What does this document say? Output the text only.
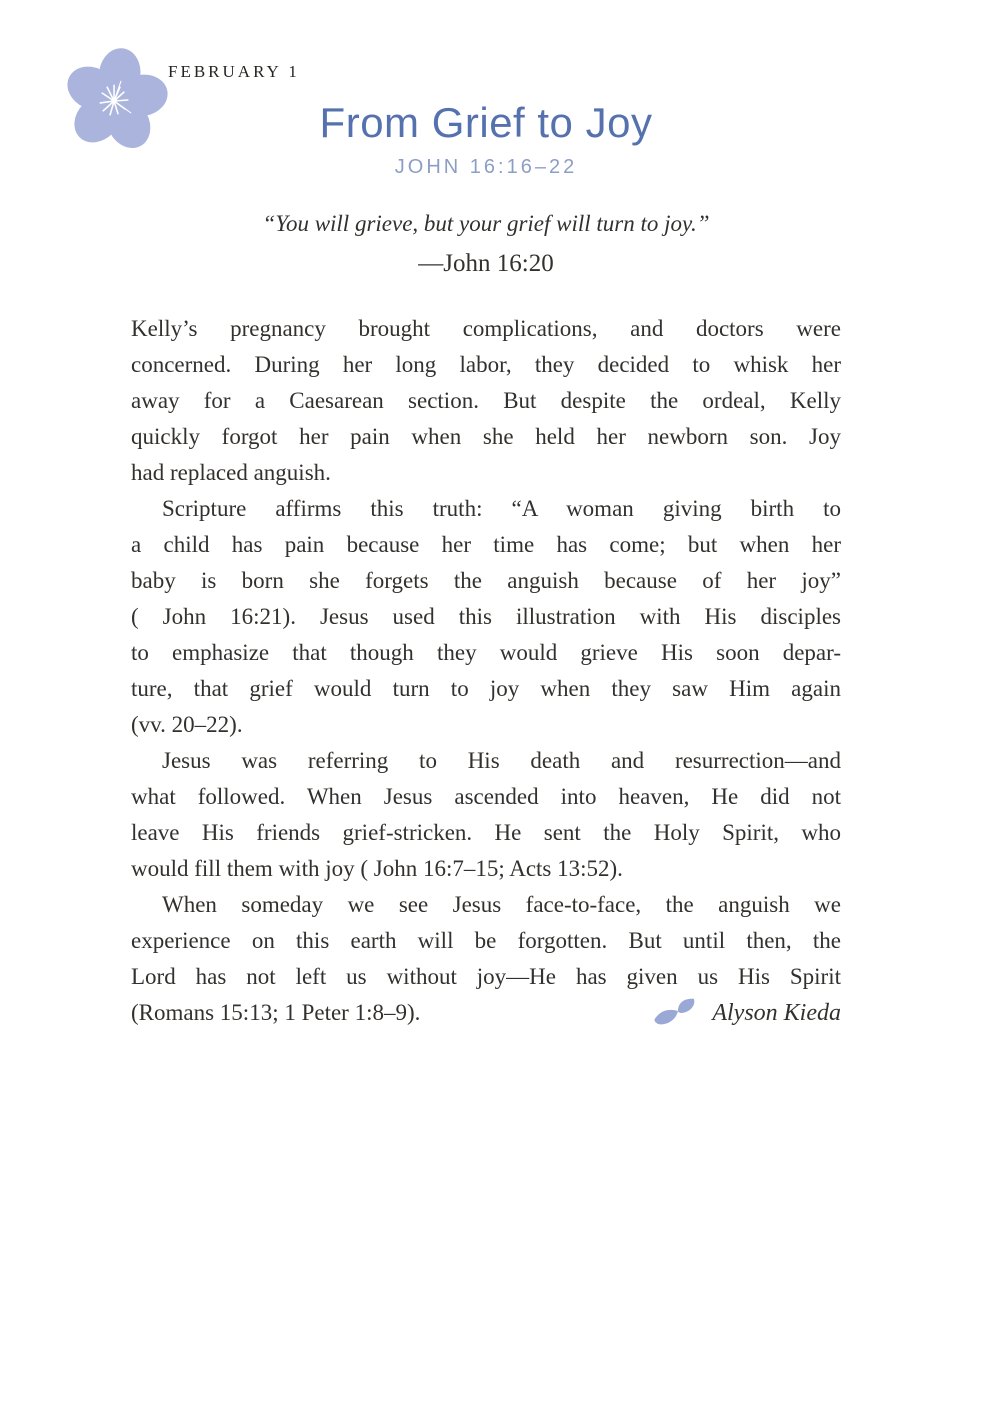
FEBRUARY 1
From Grief to Joy
JOHN 16:16–22
“You will grieve, but your grief will turn to joy.”
—John 16:20
Kelly’s pregnancy brought complications, and doctors were
concerned. During her long labor, they decided to whisk her
away for a Caesarean section. But despite the ordeal, Kelly
quickly forgot her pain when she held her newborn son. Joy
had replaced anguish.
Scripture affirms this truth: “A woman giving birth to
a child has pain because her time has come; but when her
baby is born she forgets the anguish because of her joy”
( John 16:21). Jesus used this illustration with His disciples
to emphasize that though they would grieve His soon depar-
ture, that grief would turn to joy when they saw Him again
(vv. 20–22).
Jesus was referring to His death and resurrection—and
what followed. When Jesus ascended into heaven, He did not
leave His friends grief-stricken. He sent the Holy Spirit, who
would fill them with joy ( John 16:7–15; Acts 13:52).
When someday we see Jesus face-to-face, the anguish we
experience on this earth will be forgotten. But until then, the
Lord has not left us without joy—He has given us His Spirit
(Romans 15:13; 1 Peter 1:8–9).	Alyson Kieda
